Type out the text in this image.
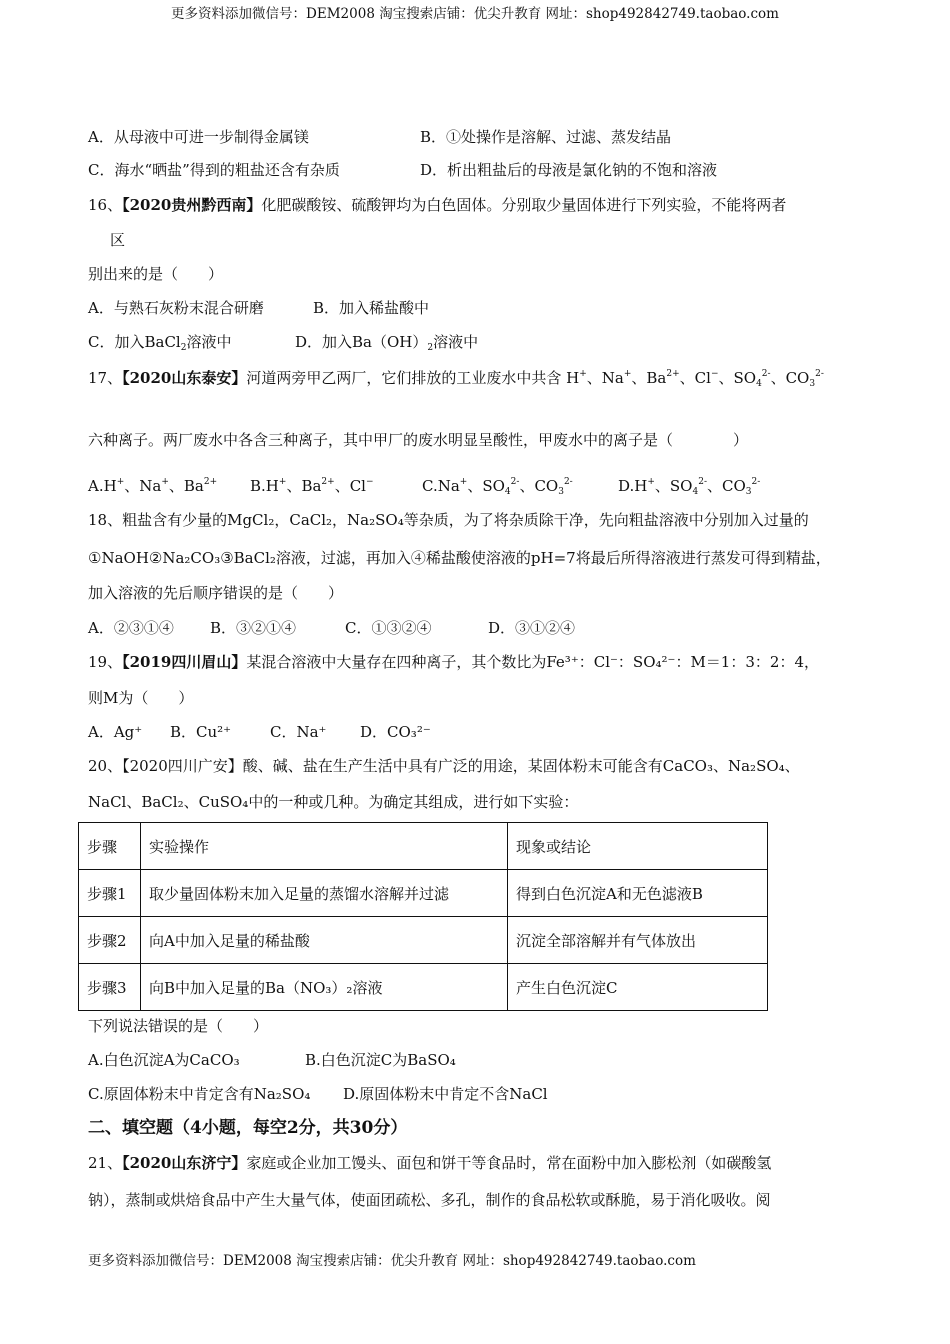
更多资料添加微信号：DEM2008 淘宝搜索店铺：优尖升教育 网址：shop492842749.taobao.com
A．从母液中可进一步制得金属镁	B．①处操作是溶解、过滤、蒸发结晶
C．海水“晒盐”得到的粗盐还含有杂质	D．析出粗盐后的母液是氯化钠的不饱和溶液
16、【2020贵州黔西南】化肥碳酸铵、硫酸钾均为白色固体。分别取少量固体进行下列实验，不能将两者
区
别出来的是（　　）
A．与熟石灰粉末混合研磨	B．加入稀盐酸中
C．加入BaCl$_2$溶液中	D．加入$Ba(OH)_2$溶液中
17、【2020山东泰安】河道两旁甲乙两厂，它们排放的工业废水中共含 H+、Na+、$Ba^{2+}$、Cl−、$SO_4^{2-}$、$CO_3^{2-}$
六种离子。两厂废水中各含三种离子，其中甲厂的废水明显呈酸性，甲废水中的离子是（　　　　）
A.H+、Na+、$Ba^{2+}$ B.H+、$Ba^{2+}$、Cl−	C.Na+、$SO_4^{2-}$、$CO_3^{2-}$	D.H+、$SO_4^{2-}$、$CO_3^{2-}$
18、粗盐含有少量的MgCl₂，CaCl₂，Na₂SO₄等杂质，为了将杂质除干净，先向粗盐溶液中分别加入过量的
①NaOH②Na₂CO₃③BaCl₂溶液，过滤，再加入④稀盐酸使溶液的pH=7将最后所得溶液进行蒸发可得到精盐，
加入溶液的先后顺序错误的是（　　）
A．②③①④ B．③②①④	C．①③②④	D．③①②④
19、【2019四川眉山】某混合溶液中大量存在四种离子，其个数比为Fe³⁺：Cl⁻：SO₄²⁻：M＝1：3：2：4，
则M为（　　）
A．Ag⁺ B．Cu²⁺	C．Na⁺ D．CO₃²⁻
20、【2020四川广安】酸、碱、盐在生产生活中具有广泛的用途，某固体粉末可能含有CaCO₃、Na₂SO₄、
NaCl、BaCl₂、CuSO₄中的一种或几种。为确定其组成，进行如下实验：
步骤	实验操作	现象或结论
步骤1	取少量固体粉末加入足量的蒸馏水溶解并过滤	得到白色沉淀A和无色滤液B
步骤2	向A中加入足量的稀盐酸	沉淀全部溶解并有气体放出
步骤3	向B中加入足量的Ba（NO₃）₂溶液	产生白色沉淀C
下列说法错误的是（　　）
A.白色沉淀A为CaCO₃	B.白色沉淀C为BaSO₄
C.原固体粉末中肯定含有Na₂SO₄ D.原固体粉末中肯定不含NaCl
二、填空题（4小题，每空2分，共30分）
21、【2020山东济宁】家庭或企业加工馒头、面包和饼干等食品时，常在面粉中加入膨松剂（如碳酸氢
钠），蒸制或烘焙食品中产生大量气体，使面团疏松、多孔，制作的食品松软或酥脆，易于消化吸收。阅
更多资料添加微信号：DEM2008 淘宝搜索店铺：优尖升教育 网址：shop492842749.taobao.com
